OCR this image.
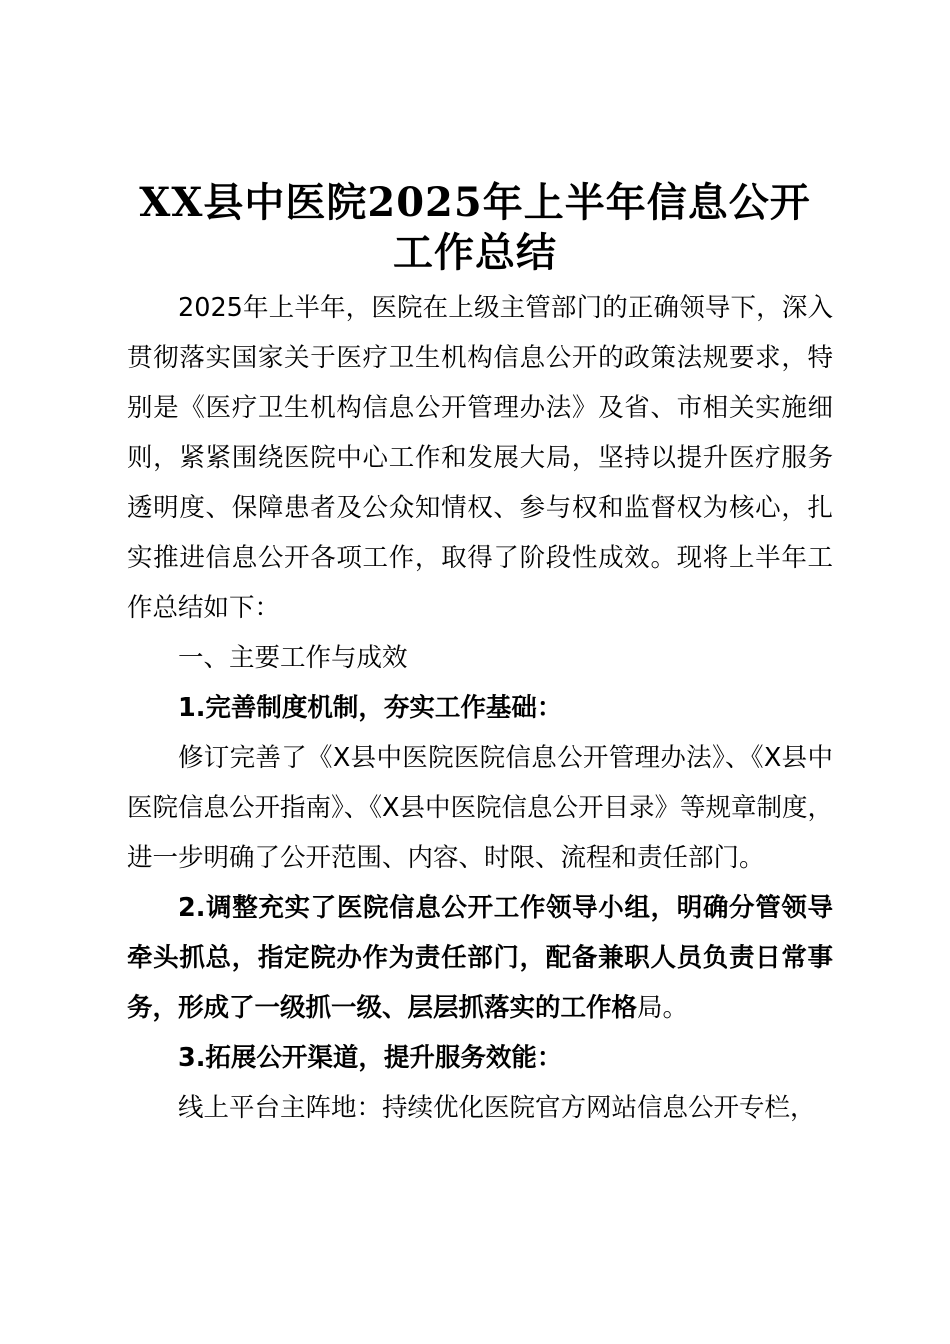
XX县中医院2025年上半年信息公开工作总结

2025年上半年，医院在上级主管部门的正确领导下，深入贯彻落实国家关于医疗卫生机构信息公开的政策法规要求，特别是《医疗卫生机构信息公开管理办法》及省、市相关实施细则，紧紧围绕医院中心工作和发展大局，坚持以提升医疗服务透明度、保障患者及公众知情权、参与权和监督权为核心，扎实推进信息公开各项工作，取得了阶段性成效。现将上半年工作总结如下：

一、主要工作与成效

1.完善制度机制，夯实工作基础：

修订完善了《X县中医院医院信息公开管理办法》、《X县中医院信息公开指南》、《X县中医院信息公开目录》等规章制度，进一步明确了公开范围、内容、时限、流程和责任部门。

2.调整充实了医院信息公开工作领导小组，明确分管领导牵头抓总，指定院办作为责任部门，配备兼职人员负责日常事务，形成了一级抓一级、层层抓落实的工作格局。

3.拓展公开渠道，提升服务效能：

线上平台主阵地：持续优化医院官方网站信息公开专栏，
